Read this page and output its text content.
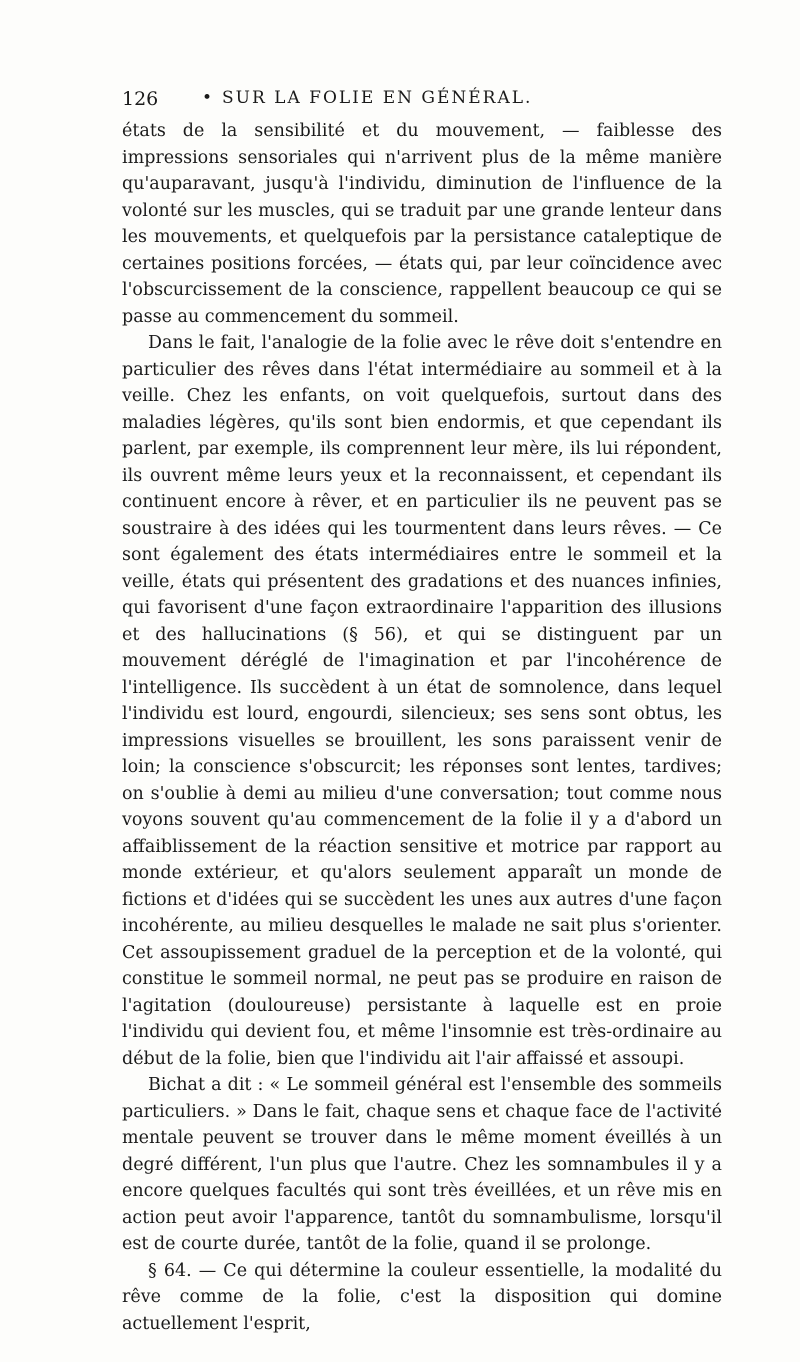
126	• SUR LA FOLIE EN GÉNÉRAL.

états de la sensibilité et du mouvement, — faiblesse des impressions sensoriales qui n'arrivent plus de la même manière qu'auparavant, jusqu'à l'individu, diminution de l'influence de la volonté sur les muscles, qui se traduit par une grande lenteur dans les mouvements, et quelquefois par la persistance cataleptique de certaines positions forcées, — états qui, par leur coïncidence avec l'obscurcissement de la conscience, rappellent beaucoup ce qui se passe au commencement du sommeil.

Dans le fait, l'analogie de la folie avec le rêve doit s'entendre en particulier des rêves dans l'état intermédiaire au sommeil et à la veille. Chez les enfants, on voit quelquefois, surtout dans des maladies légères, qu'ils sont bien endormis, et que cependant ils parlent, par exemple, ils comprennent leur mère, ils lui répondent, ils ouvrent même leurs yeux et la reconnaissent, et cependant ils continuent encore à rêver, et en particulier ils ne peuvent pas se soustraire à des idées qui les tourmentent dans leurs rêves. — Ce sont également des états intermédiaires entre le sommeil et la veille, états qui présentent des gradations et des nuances infinies, qui favorisent d'une façon extraordinaire l'apparition des illusions et des hallucinations (§ 56), et qui se distinguent par un mouvement déréglé de l'imagination et par l'incohérence de l'intelligence. Ils succèdent à un état de somnolence, dans lequel l'individu est lourd, engourdi, silencieux; ses sens sont obtus, les impressions visuelles se brouillent, les sons paraissent venir de loin; la conscience s'obscurcit; les réponses sont lentes, tardives; on s'oublie à demi au milieu d'une conversation; tout comme nous voyons souvent qu'au commencement de la folie il y a d'abord un affaiblissement de la réaction sensitive et motrice par rapport au monde extérieur, et qu'alors seulement apparaît un monde de fictions et d'idées qui se succèdent les unes aux autres d'une façon incohérente, au milieu desquelles le malade ne sait plus s'orienter. Cet assoupissement graduel de la perception et de la volonté, qui constitue le sommeil normal, ne peut pas se produire en raison de l'agitation (douloureuse) persistante à laquelle est en proie l'individu qui devient fou, et même l'insomnie est très-ordinaire au début de la folie, bien que l'individu ait l'air affaissé et assoupi.

Bichat a dit : « Le sommeil général est l'ensemble des sommeils particuliers. » Dans le fait, chaque sens et chaque face de l'activité mentale peuvent se trouver dans le même moment éveillés à un degré différent, l'un plus que l'autre. Chez les somnambules il y a encore quelques facultés qui sont très éveillées, et un rêve mis en action peut avoir l'apparence, tantôt du somnambulisme, lorsqu'il est de courte durée, tantôt de la folie, quand il se prolonge.

§ 64. — Ce qui détermine la couleur essentielle, la modalité du rêve comme de la folie, c'est la disposition qui domine actuellement l'esprit,
